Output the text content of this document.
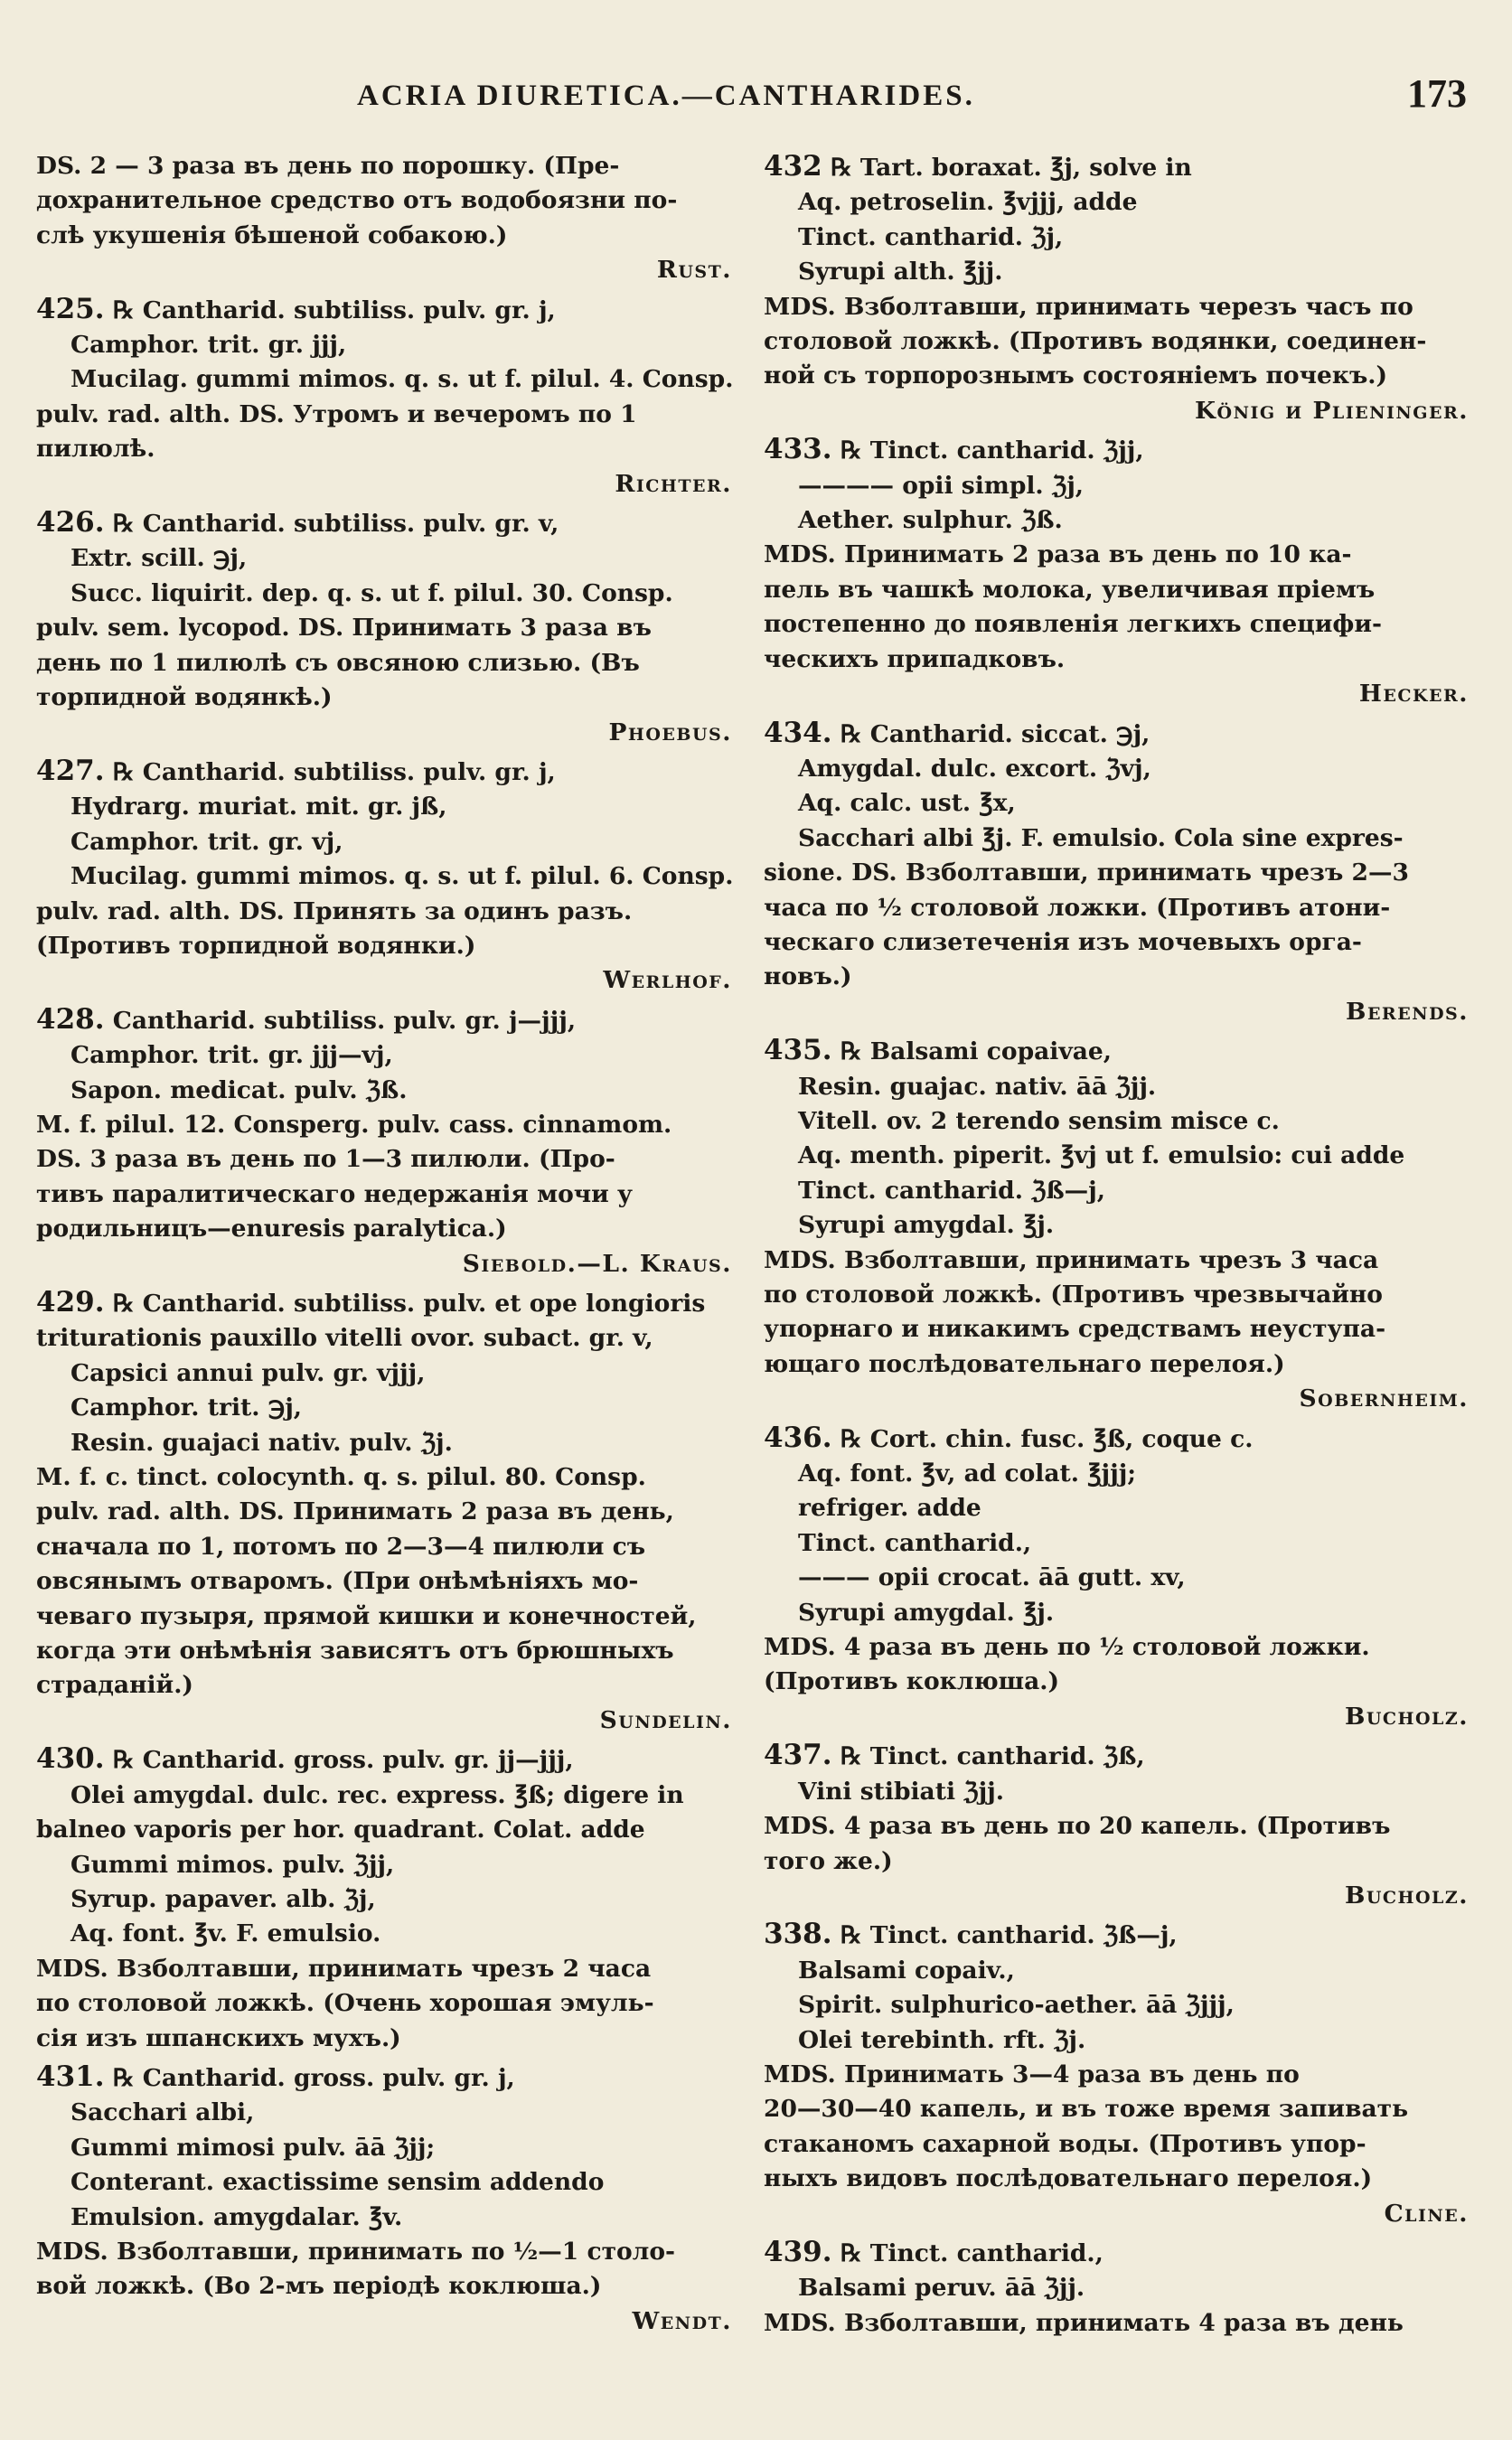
ACRIA DIURETICA.—CANTHARIDES.	173
DS. 2 — 3 раза въ день по порошку. (Пре-
дохранительное средство отъ водобоязни по-
слѣ укушенія бѣшеной собакою.)
Rust.
425. ℞ Cantharid. subtiliss. pulv. gr. j,
Camphor. trit. gr. jjj,
Mucilag. gummi mimos. q. s. ut f. pilul. 4. Consp.
pulv. rad. alth. DS. Утромъ и вечеромъ по 1
пилюлѣ.
Richter.
426. ℞ Cantharid. subtiliss. pulv. gr. v,
Extr. scill. ℈j,
Succ. liquirit. dep. q. s. ut f. pilul. 30. Consp.
pulv. sem. lycopod. DS. Принимать 3 раза въ
день по 1 пилюлѣ съ овсяною слизью. (Въ
торпидной водянкѣ.)
Phoebus.
427. ℞ Cantharid. subtiliss. pulv. gr. j,
Hydrarg. muriat. mit. gr. jß,
Camphor. trit. gr. vj,
Mucilag. gummi mimos. q. s. ut f. pilul. 6. Consp.
pulv. rad. alth. DS. Принять за одинъ разъ.
(Противъ торпидной водянки.)
Werlhof.
428. Cantharid. subtiliss. pulv. gr. j—jjj,
Camphor. trit. gr. jjj—vj,
Sapon. medicat. pulv. ℨß.
M. f. pilul. 12. Consperg. pulv. cass. cinnamom.
DS. 3 раза въ день по 1—3 пилюли. (Про-
тивъ паралитическаго недержанія мочи у
родильницъ—enuresis paralytica.)
Siebold.—L. Kraus.
429. ℞ Cantharid. subtiliss. pulv. et ope longioris
triturationis pauxillo vitelli ovor. subact. gr. v,
Capsici annui pulv. gr. vjjj,
Camphor. trit. ℈j,
Resin. guajaci nativ. pulv. ℨj.
M. f. c. tinct. colocynth. q. s. pilul. 80. Consp.
pulv. rad. alth. DS. Принимать 2 раза въ день,
сначала по 1, потомъ по 2—3—4 пилюли съ
овсянымъ отваромъ. (При онѣмѣніяхъ мо-
чеваго пузыря, прямой кишки и конечностей,
когда эти онѣмѣнія зависятъ отъ брюшныхъ
страданій.)
Sundelin.
430. ℞ Cantharid. gross. pulv. gr. jj—jjj,
Olei amygdal. dulc. rec. express. ℥ß; digere in
balneo vaporis per hor. quadrant. Colat. adde
Gummi mimos. pulv. ℨjj,
Syrup. papaver. alb. ℨj,
Aq. font. ℥v. F. emulsio.
MDS. Взболтавши, принимать чрезъ 2 часа
по столовой ложкѣ. (Очень хорошая эмуль-
сія изъ шпанскихъ мухъ.)
431. ℞ Cantharid. gross. pulv. gr. j,
Sacchari albi,
Gummi mimosi pulv. āā ℨjj;
Conterant. exactissime sensim addendo
Emulsion. amygdalar. ℥v.
MDS. Взболтавши, принимать по ½—1 столо-
вой ложкѣ. (Во 2-мъ періодѣ коклюша.)
Wendt.
432 ℞ Tart. boraxat. ℥j, solve in
Aq. petroselin. ℥vjjj, adde
Tinct. cantharid. ℨj,
Syrupi alth. ℥jj.
MDS. Взболтавши, принимать черезъ часъ по
столовой ложкѣ. (Противъ водянки, соединен-
ной съ торпорознымъ состояніемъ почекъ.)
König и Plieninger.
433. ℞ Tinct. cantharid. ℨjj,
———— opii simpl. ℨj,
Aether. sulphur. ℨß.
MDS. Принимать 2 раза въ день по 10 ка-
пель въ чашкѣ молока, увеличивая пріемъ
постепенно до появленія легкихъ специфи-
ческихъ припадковъ.
Hecker.
434. ℞ Cantharid. siccat. ℈j,
Amygdal. dulc. excort. ℨvj,
Aq. calc. ust. ℥x,
Sacchari albi ℥j. F. emulsio. Cola sine expres-
sione. DS. Взболтавши, принимать чрезъ 2—3
часа по ½ столовой ложки. (Противъ атони-
ческаго слизетеченія изъ мочевыхъ орга-
новъ.)
Berends.
435. ℞ Balsami copaivae,
Resin. guajac. nativ. āā ℨjj.
Vitell. ov. 2 terendo sensim misce c.
Aq. menth. piperit. ℥vj ut f. emulsio: cui adde
Tinct. cantharid. ℨß—j,
Syrupi amygdal. ℥j.
MDS. Взболтавши, принимать чрезъ 3 часа
по столовой ложкѣ. (Противъ чрезвычайно
упорнаго и никакимъ средствамъ неуступа-
ющаго послѣдовательнаго перелоя.)
Sobernheim.
436. ℞ Cort. chin. fusc. ℥ß, coque c.
Aq. font. ℥v, ad colat. ℥jjj;
refriger. adde
Tinct. cantharid.,
——— opii crocat. āā gutt. xv,
Syrupi amygdal. ℥j.
MDS. 4 раза въ день по ½ столовой ложки.
(Противъ коклюша.)
Bucholz.
437. ℞ Tinct. cantharid. ℨß,
Vini stibiati ℨjj.
MDS. 4 раза въ день по 20 капель. (Противъ
того же.)
Bucholz.
338. ℞ Tinct. cantharid. ℨß—j,
Balsami copaiv.,
Spirit. sulphurico-aether. āā ℨjjj,
Olei terebinth. rft. ℨj.
MDS. Принимать 3—4 раза въ день по
20—30—40 капель, и въ тоже время запивать
стаканомъ сахарной воды. (Противъ упор-
ныхъ видовъ послѣдовательнаго перелоя.)
Cline.
439. ℞ Tinct. cantharid.,
Balsami peruv. āā ℨjj.
MDS. Взболтавши, принимать 4 раза въ день
